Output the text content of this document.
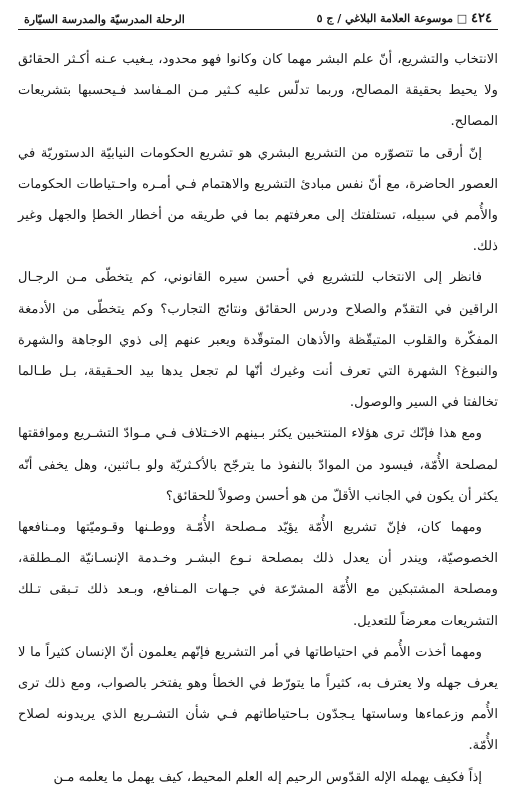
٤٢٤ □ موسوعة العلامة البلاغي / ج ٥
الرحلة المدرسيّة والمدرسة السيّارة

الانتخاب والتشريع، أنّ علم البشر مهما كان وكانوا فهو محدود، يـغيب عـنه أكـثر الحقائق ولا يحيط بحقيقة المصالح، وربما تدلّس عليه كـثير مـن المـفاسد فـيحسبها بتشريعات المصالح.

إنّ أرقى ما تتصوّره من التشريع البشري هو تشريع الحكومات النيابيّة الدستوريّة في العصور الحاضرة، مع أنّ نفس مبادئ التشريع والاهتمام فـي أمـره واحـتياطات الحكومات والأُمم في سبيله، تستلفتك إلى معرفتهم بما في طريقه من أخطار الخطإ والجهل وغير ذلك.

فانظر إلى الانتخاب للتشريع في أحسن سيره القانوني، كم يتخطّى مـن الرجـال الراقين في التقدّم والصلاح ودرس الحقائق ونتائج التجارب؟ وكم يتخطّى من الأدمغة المفكّرة والقلوب المتيقّظة والأذهان المتوقّدة ويعبر عنهم إلى ذوي الوجاهة والشهرة والنبوغ؟ الشهرة التي تعرف أنت وغيرك أنّها لم تجعل يدها بيد الحـقيقة، بـل طـالما تخالفتا في السير والوصول.

ومع هذا فإنّك ترى هؤلاء المنتخبين يكثر بـينهم الاخـتلاف فـي مـوادّ التشـريع وموافقتها لمصلحة الأُمّة، فيسود من الموادّ بالنفوذ ما يترجّح بالأكـثريّة ولو بـاثنين، وهل يخفى أنّه يكثر أن يكون في الجانب الأقلّ من هو أحسن وصولاً للحقائق؟

ومهما كان، فإنّ تشريع الأُمّة يؤيّد مـصلحة الأُمّـة ووطـنها وقـوميّتها ومـنافعها الخصوصيّة، ويندر أن يعدل ذلك بمصلحة نـوع البشـر وخـدمة الإنسـانيّة المـطلقة، ومصلحة المشتبكين مع الأُمّة المشرّعة في جـهات المـنافع، وبـعد ذلك تـبقى تـلك التشريعات معرضاً للتعديل.

ومهما أخذت الأُمم في احتياطاتها في أمر التشريع فإنّهم يعلمون أنّ الإنسان كثيراً ما لا يعرف جهله ولا يعترف به، كثيراً ما يتورّط في الخطأ وهو يفتخر بالصواب، ومع ذلك ترى الأُمم وزعماءها وساستها يـجدّون بـاحتياطاتهم فـي شأن التشـريع الذي يريدونه لصلاح الأُمّة.

إذاً فكيف يهمله الإله القدّوس الرحيم إله العلم المحيط، كيف يهمل ما يعلمه مـن
